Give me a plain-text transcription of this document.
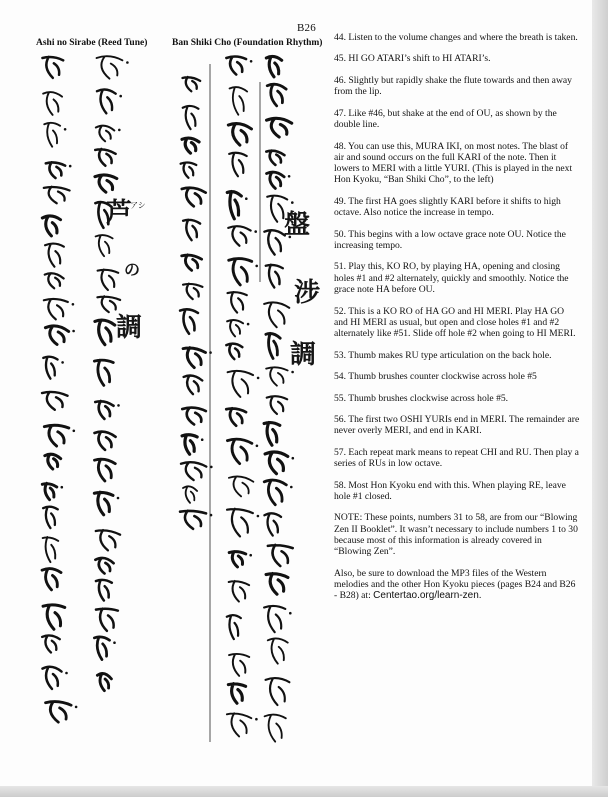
B26
Ashi no Sirabe (Reed Tune)	Ban Shiki Cho (Foundation Rhythm)
アシ
芦
の
調
盤
涉
調

44. Listen to the volume changes and where the breath is taken.

45. HI GO ATARI’s shift to HI ATARI’s.

46. Slightly but rapidly shake the flute towards and then away from the lip.

47. Like #46, but shake at the end of OU, as shown by the double line.

48. You can use this, MURA IKI, on most notes. The blast of air and sound occurs on the full KARI of the note. Then it lowers to MERI with a little YURI. (This is played in the next Hon Kyoku, “Ban Shiki Cho”, to the left)

49. The first HA goes slightly KARI before it shifts to high octave. Also notice the increase in tempo.

50. This begins with a low octave grace note OU. Notice the increasing tempo.

51. Play this, KO RO, by playing HA, opening and closing holes #1 and #2 alternately, quickly and smoothly. Notice the grace note HA before OU.

52. This is a KO RO of HA GO and HI MERI. Play HA GO and HI MERI as usual, but open and close holes #1 and #2 alternately like #51. Slide off hole #2 when going to HI MERI.

53. Thumb makes RU type articulation on the back hole.

54. Thumb brushes counter clockwise across hole #5

55. Thumb brushes clockwise across hole #5.

56. The first two OSHI YURIs end in MERI. The remainder are never overly MERI, and end in KARI.

57. Each repeat mark means to repeat CHI and RU. Then play a series of RUs in low octave.

58. Most Hon Kyoku end with this. When playing RE, leave hole #1 closed.

NOTE: These points, numbers 31 to 58, are from our “Blowing Zen II Booklet”. It wasn’t necessary to include numbers 1 to 30 because most of this information is already covered in “Blowing Zen”.

Also, be sure to download the MP3 files of the Western melodies and the other Hon Kyoku pieces (pages B24 and B26 - B28) at: Centertao.org/learn-zen.
